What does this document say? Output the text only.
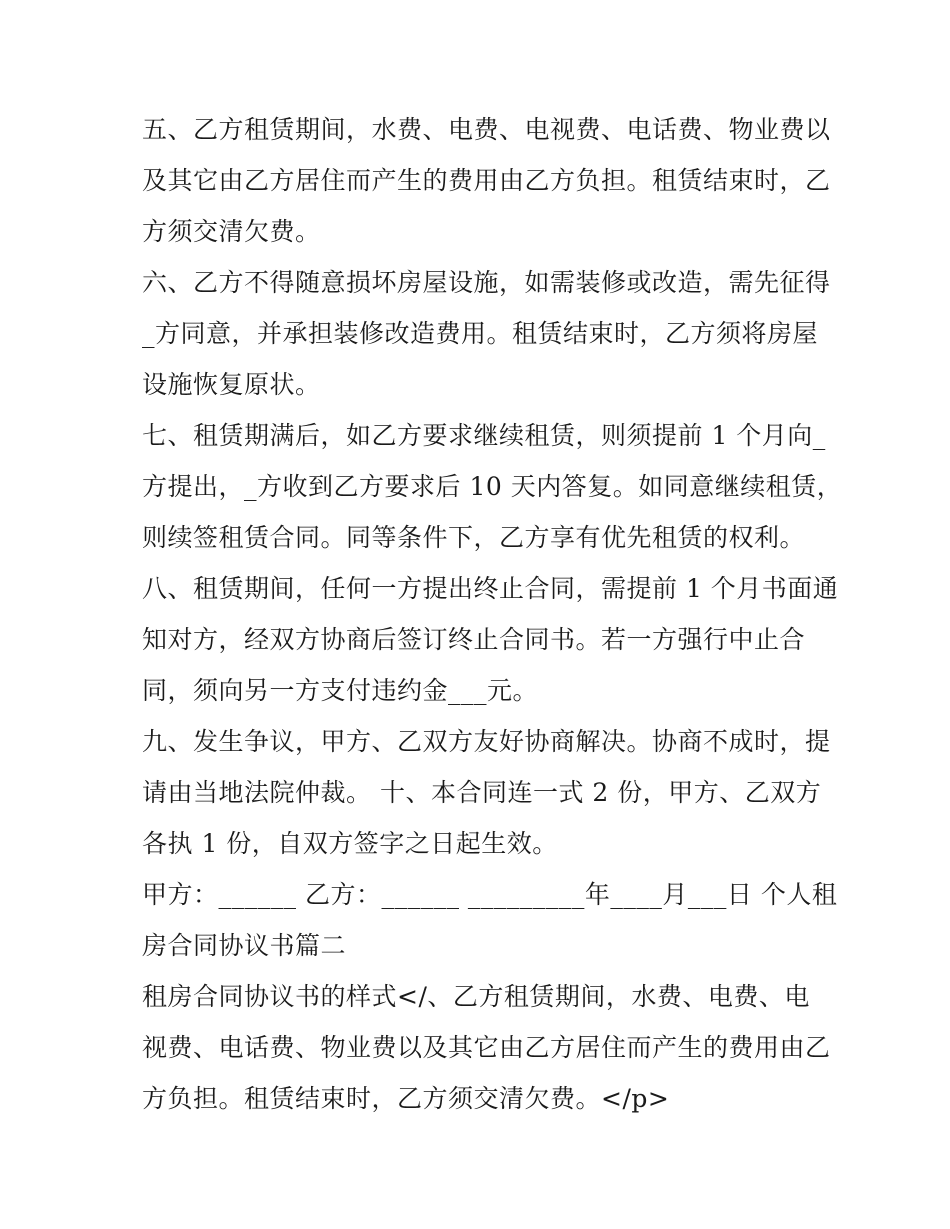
五、乙方租赁期间，水费、电费、电视费、电话费、物业费以
及其它由乙方居住而产生的费用由乙方负担。租赁结束时，乙
方须交清欠费。
六、乙方不得随意损坏房屋设施，如需装修或改造，需先征得
_方同意，并承担装修改造费用。租赁结束时，乙方须将房屋
设施恢复原状。
七、租赁期满后，如乙方要求继续租赁，则须提前 1 个月向_
方提出，_方收到乙方要求后 10 天内答复。如同意继续租赁，
则续签租赁合同。同等条件下，乙方享有优先租赁的权利。
八、租赁期间，任何一方提出终止合同，需提前 1 个月书面通
知对方，经双方协商后签订终止合同书。若一方强行中止合
同，须向另一方支付违约金___元。
九、发生争议，甲方、乙双方友好协商解决。协商不成时，提
请由当地法院仲裁。 十、本合同连一式 2 份，甲方、乙双方
各执 1 份，自双方签字之日起生效。
甲方：______ 乙方：______ _________年____月___日 个人租
房合同协议书篇二
租房合同协议书的样式</、乙方租赁期间，水费、电费、电
视费、电话费、物业费以及其它由乙方居住而产生的费用由乙
方负担。租赁结束时，乙方须交清欠费。</p>
